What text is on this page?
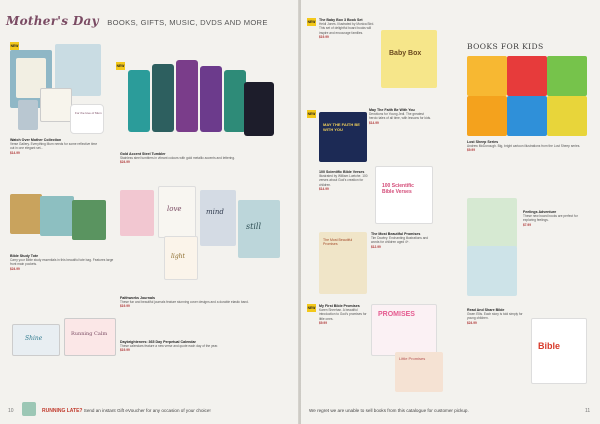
Mother's Day BOOKS, GIFTS, MUSIC, DVDS AND MORE
NEW
For the love of Mum
Watch Over Mother Collection
Verse Gallery. Everything Mum needs for some reflective time out in one elegant set...
$14.99
NEW
Gold Accent Steel Tumbler
Stainless steel tumblers in vibrant colours with gold metallic accents and lettering.
$24.99
Bible Study Tote
Carry your Bible study essentials in this beautiful tote bag. Features large front main pockets.
$24.99
love
light
mind
still
Faithworks Journals
These fun and beautiful journals feature stunning cover designs and a durable elastic band.
$19.99
Shine
Running Calm
Daybrighteners: 365 Day Perpetual Calendar
These calendars feature a new verse and quote each day of the year.
$19.99
10	RUNNING LATE? Send an instant Gift eVoucher for any occasion of your choice!
BOOKS FOR KIDS
NEW The Baby Box 3 Book Set
Heidi Jones. Illustrated by Monica Bird. This set of delightful board books will inspire and encourage families.
$19.99
Baby Box
NEW
MAY THE FAITH BE WITH YOU
May The Faith Be With You
Devotions for Young Jedi. The greatest heroic tales of all time, with lessons for kids.
$14.99
100 Scientific Bible Verses
Illustrated by William Luetche. 100 verses about God's creation for children.
$14.99	100 Scientific Bible Verses
The Most Beautiful Promises
The Most Beautiful Promises
Tim Dowley. Enchanting illustrations and words for children aged 4+.
$12.99
NEW My First Bible Promises
Karen Sheehan. A beautiful introduction to God's promises for little ones.
$9.99
PROMISES
Little Promises
Lost Sheep Series
Andrew McDonough. Big, bright cartoon illustrations from the Lost Sheep series.
$9.99
Feelings Adventure
These new board books are perfect for exploring feelings.
$7.99
Read And Share Bible
Gwen Ellis. Each story is told simply for young children.
$24.99
Bible
We regret we are unable to sell books from this catalogue for customer pickup.	11
